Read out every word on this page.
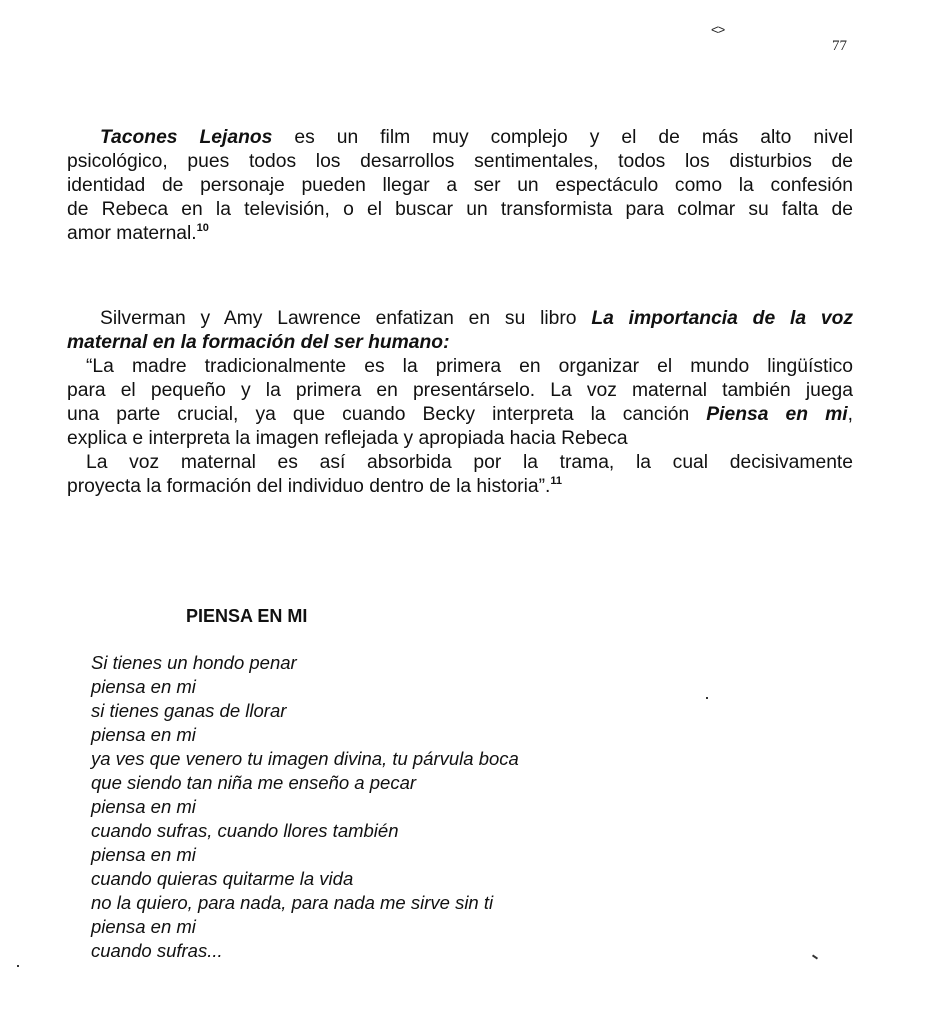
<>
77
Tacones Lejanos es un film muy complejo y el de más alto nivel
psicológico, pues todos los desarrollos sentimentales, todos los disturbios de
identidad de personaje pueden llegar a ser un espectáculo como la confesión
de Rebeca en la televisión, o el buscar un transformista para colmar su falta de
amor maternal.$^{10}$
Silverman y Amy Lawrence enfatizan en su libro La importancia de la voz
maternal en la formación del ser humano:
“La madre tradicionalmente es la primera en organizar el mundo lingüístico
para el pequeño y la primera en presentárselo. La voz maternal también juega
una parte crucial, ya que cuando Becky interpreta la canción Piensa en mi,
explica e interpreta la imagen reflejada y apropiada hacia Rebeca
La voz maternal es así absorbida por la trama, la cual decisivamente
proyecta la formación del individuo dentro de la historia”.$^{11}$
PIENSA EN MI
Si tienes un hondo penar
piensa en mi
si tienes ganas de llorar
piensa en mi
ya ves que venero tu imagen divina, tu párvula boca
que siendo tan niña me enseño a pecar
piensa en mi
cuando sufras, cuando llores también
piensa en mi
cuando quieras quitarme la vida
no la quiero, para nada, para nada me sirve sin ti
piensa en mi
cuando sufras...
